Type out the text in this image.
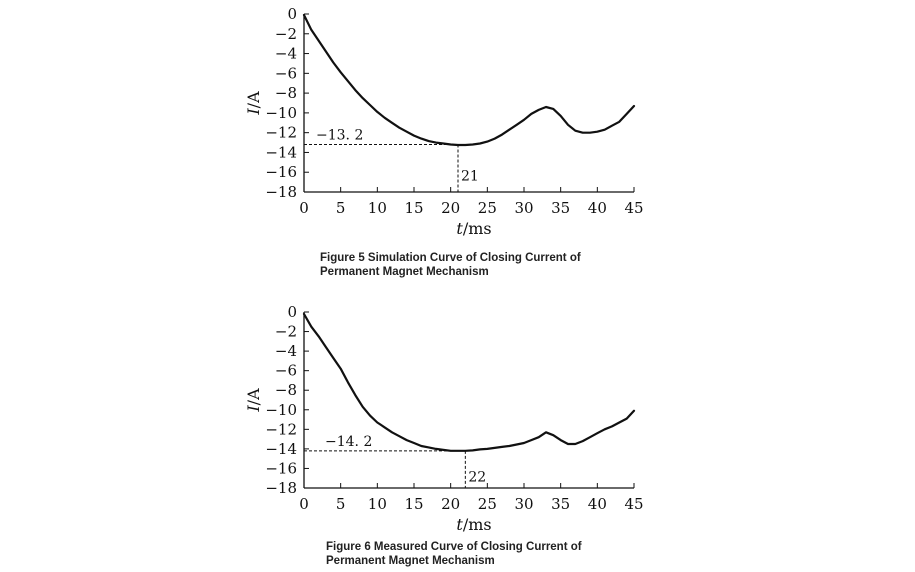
0
−2
−4
−6
−8
−10
−12
−14
−16
−18
0 5 10 15 20 25 30 35 40 45
t/ms
I/A
−13. 2
21
0
−2
−4
−6
−8
−10
−12
−14
−16
−18
0 5 10 15 20 25 30 35 40 45
t/ms
I/A
−14. 2
22
Figure 5 Simulation Curve of Closing Current of
Permanent Magnet Mechanism
Figure 6 Measured Curve of Closing Current of
Permanent Magnet Mechanism
